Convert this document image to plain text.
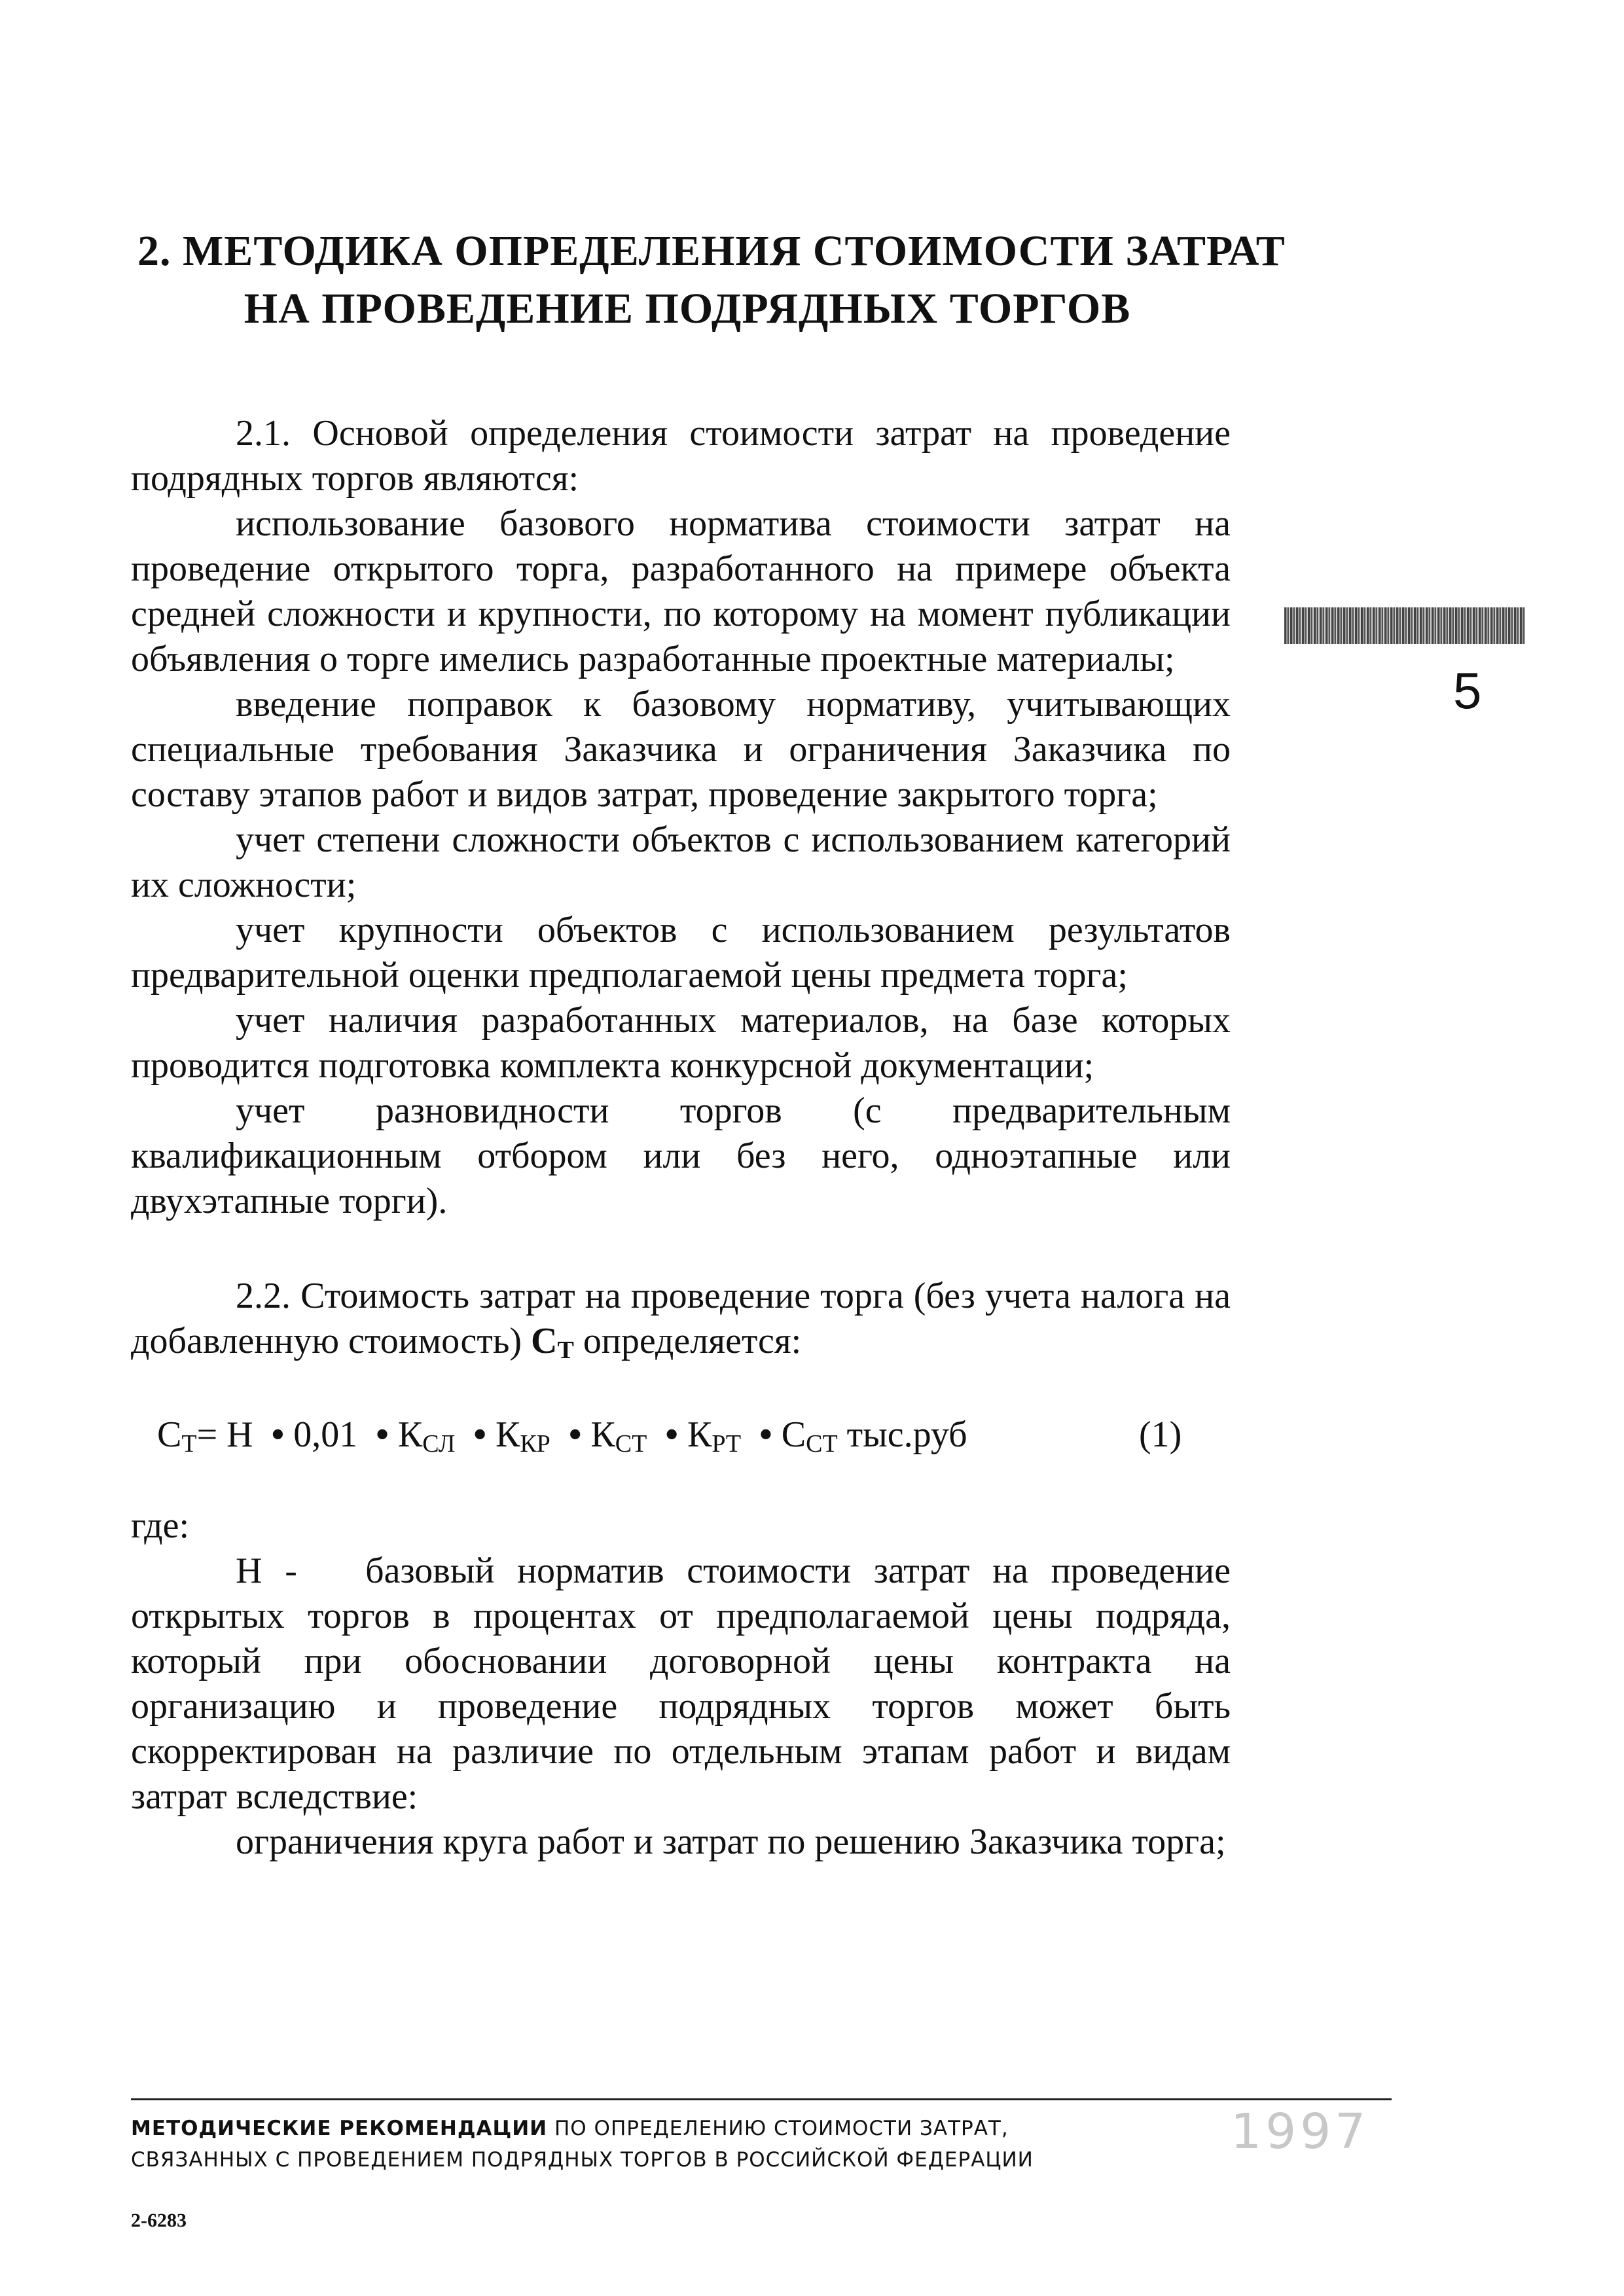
2. МЕТОДИКА ОПРЕДЕЛЕНИЯ СТОИМОСТИ ЗАТРАТ
НА ПРОВЕДЕНИЕ ПОДРЯДНЫХ ТОРГОВ
5
2.1. Основой определения стоимости затрат на проведение подрядных торгов являются:
использование базового норматива стоимости затрат на проведение открытого торга, разработанного на примере объекта средней сложности и крупности, по которому на момент публикации объявления о торге имелись разработанные проектные материалы;
введение поправок к базовому нормативу, учитывающих специальные требования Заказчика и ограничения Заказчика по составу этапов работ и видов затрат, проведение закрытого торга;
учет степени сложности объектов с использованием категорий их сложности;
учет крупности объектов с использованием результатов предварительной оценки предполагаемой цены предмета торга;
учет наличия разработанных материалов, на базе которых проводится подготовка комплекта конкурсной документации;
учет разновидности торгов (с предварительным квалификационным отбором или без него, одноэтапные или двухэтапные торги).
2.2. Стоимость затрат на проведение торга (без учета налога на добавленную стоимость) $C_Т$ определяется:
$C_Т= Н$ • 0,01 • $К_{СЛ}$ • $К_{КР}$ • $К_{СТ}$ • $К_{РТ}$ • $C_{СТ}$ тыс.руб	(1)
где:
Н - базовый норматив стоимости затрат на проведение открытых торгов в процентах от предполагаемой цены подряда, который при обосновании договорной цены контракта на организацию и проведение подрядных торгов может быть скорректирован на различие по отдельным этапам работ и видам затрат вследствие:
ограничения круга работ и затрат по решению Заказчика торга;
МЕТОДИЧЕСКИЕ РЕКОМЕНДАЦИИ ПО ОПРЕДЕЛЕНИЮ СТОИМОСТИ ЗАТРАТ,
СВЯЗАННЫХ С ПРОВЕДЕНИЕМ ПОДРЯДНЫХ ТОРГОВ В РОССИЙСКОЙ ФЕДЕРАЦИИ	1997
2-6283
